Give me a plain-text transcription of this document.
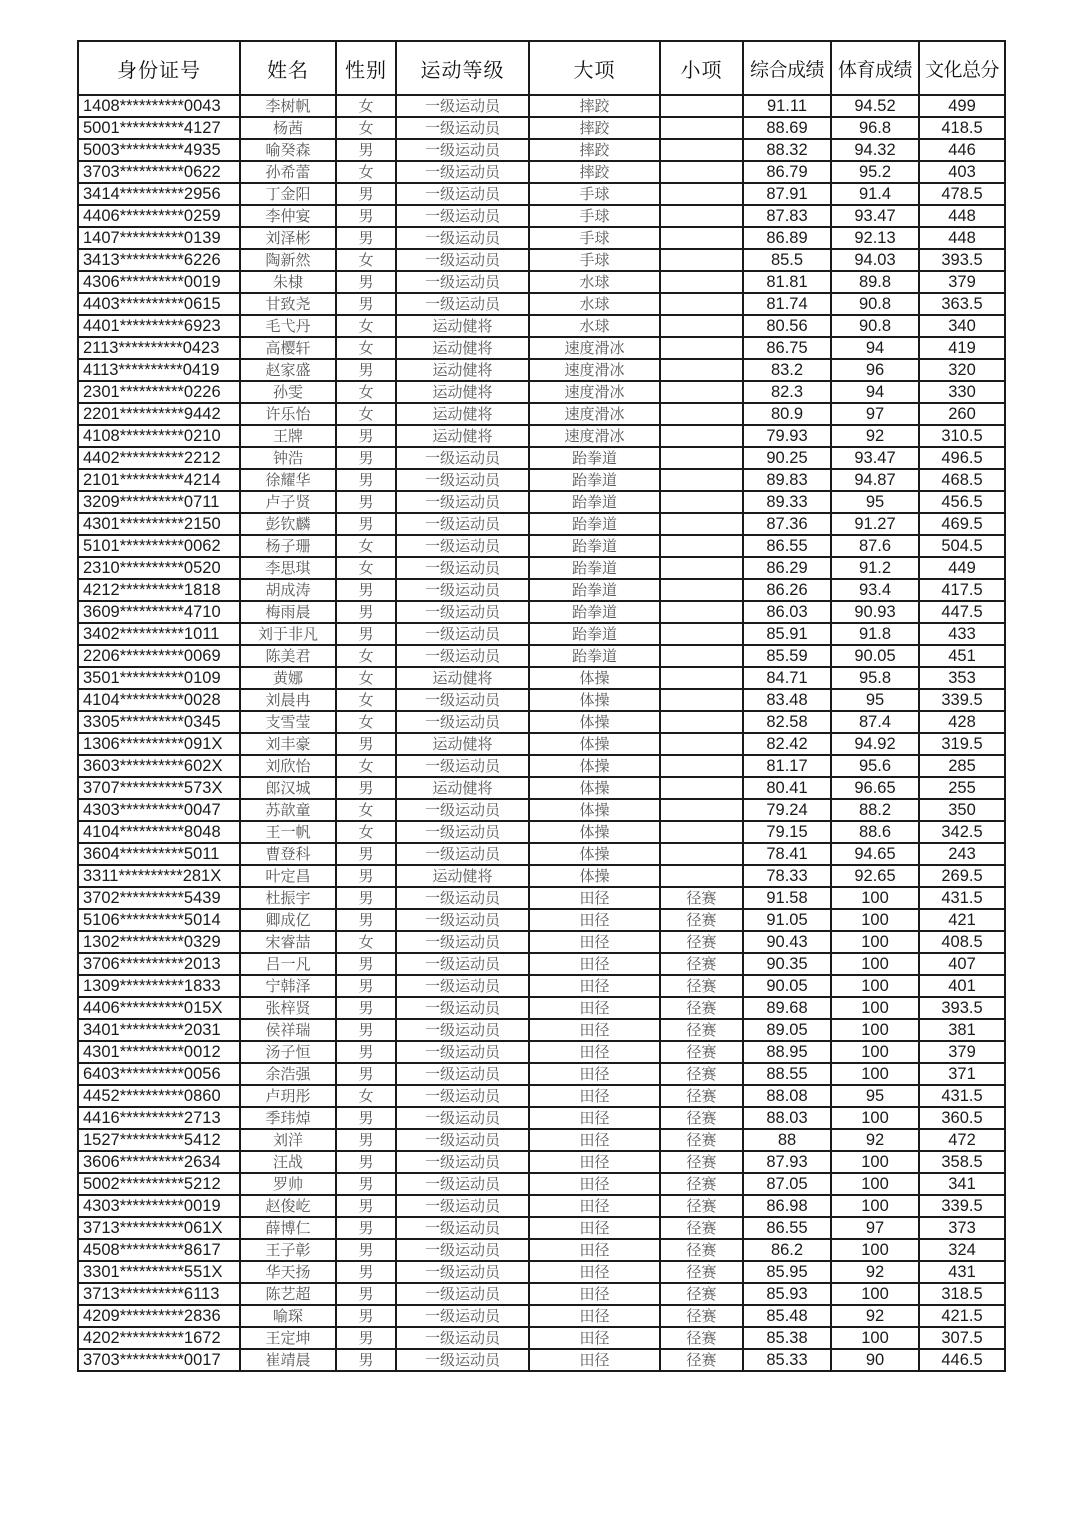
身份证号	姓名	性别	运动等级	大项	小项	综合成绩	体育成绩	文化总分
1408**********0043	李树帆	女	一级运动员	摔跤		91.11	94.52	499
5001**********4127	杨茜	女	一级运动员	摔跤		88.69	96.8	418.5
5003**********4935	喻癸森	男	一级运动员	摔跤		88.32	94.32	446
3703**********0622	孙希蕾	女	一级运动员	摔跤		86.79	95.2	403
3414**********2956	丁金阳	男	一级运动员	手球		87.91	91.4	478.5
4406**********0259	李仲宴	男	一级运动员	手球		87.83	93.47	448
1407**********0139	刘泽彬	男	一级运动员	手球		86.89	92.13	448
3413**********6226	陶新然	女	一级运动员	手球		85.5	94.03	393.5
4306**********0019	朱棣	男	一级运动员	水球		81.81	89.8	379
4403**********0615	甘致尧	男	一级运动员	水球		81.74	90.8	363.5
4401**********6923	毛弋丹	女	运动健将	水球		80.56	90.8	340
2113**********0423	高樱轩	女	运动健将	速度滑冰		86.75	94	419
4113**********0419	赵家盛	男	运动健将	速度滑冰		83.2	96	320
2301**********0226	孙雯	女	运动健将	速度滑冰		82.3	94	330
2201**********9442	许乐怡	女	运动健将	速度滑冰		80.9	97	260
4108**********0210	王牌	男	运动健将	速度滑冰		79.93	92	310.5
4402**********2212	钟浩	男	一级运动员	跆拳道		90.25	93.47	496.5
2101**********4214	徐耀华	男	一级运动员	跆拳道		89.83	94.87	468.5
3209**********0711	卢子贤	男	一级运动员	跆拳道		89.33	95	456.5
4301**********2150	彭钦麟	男	一级运动员	跆拳道		87.36	91.27	469.5
5101**********0062	杨子珊	女	一级运动员	跆拳道		86.55	87.6	504.5
2310**********0520	李思琪	女	一级运动员	跆拳道		86.29	91.2	449
4212**********1818	胡成涛	男	一级运动员	跆拳道		86.26	93.4	417.5
3609**********4710	梅雨晨	男	一级运动员	跆拳道		86.03	90.93	447.5
3402**********1011	刘于非凡	男	一级运动员	跆拳道		85.91	91.8	433
2206**********0069	陈美君	女	一级运动员	跆拳道		85.59	90.05	451
3501**********0109	黄娜	女	运动健将	体操		84.71	95.8	353
4104**********0028	刘晨冉	女	一级运动员	体操		83.48	95	339.5
3305**********0345	支雪莹	女	一级运动员	体操		82.58	87.4	428
1306**********091X	刘丰豪	男	运动健将	体操		82.42	94.92	319.5
3603**********602X	刘欣怡	女	一级运动员	体操		81.17	95.6	285
3707**********573X	郎汉城	男	运动健将	体操		80.41	96.65	255
4303**********0047	苏歆童	女	一级运动员	体操		79.24	88.2	350
4104**********8048	王一帆	女	一级运动员	体操		79.15	88.6	342.5
3604**********5011	曹登科	男	一级运动员	体操		78.41	94.65	243
3311**********281X	叶定昌	男	运动健将	体操		78.33	92.65	269.5
3702**********5439	杜振宇	男	一级运动员	田径	径赛	91.58	100	431.5
5106**********5014	卿成亿	男	一级运动员	田径	径赛	91.05	100	421
1302**********0329	宋睿喆	女	一级运动员	田径	径赛	90.43	100	408.5
3706**********2013	吕一凡	男	一级运动员	田径	径赛	90.35	100	407
1309**********1833	宁韩泽	男	一级运动员	田径	径赛	90.05	100	401
4406**********015X	张梓贤	男	一级运动员	田径	径赛	89.68	100	393.5
3401**********2031	侯祥瑞	男	一级运动员	田径	径赛	89.05	100	381
4301**********0012	汤子恒	男	一级运动员	田径	径赛	88.95	100	379
6403**********0056	余浩强	男	一级运动员	田径	径赛	88.55	100	371
4452**********0860	卢玥彤	女	一级运动员	田径	径赛	88.08	95	431.5
4416**********2713	季玮焯	男	一级运动员	田径	径赛	88.03	100	360.5
1527**********5412	刘洋	男	一级运动员	田径	径赛	88	92	472
3606**********2634	汪战	男	一级运动员	田径	径赛	87.93	100	358.5
5002**********5212	罗帅	男	一级运动员	田径	径赛	87.05	100	341
4303**********0019	赵俊屹	男	一级运动员	田径	径赛	86.98	100	339.5
3713**********061X	薛博仁	男	一级运动员	田径	径赛	86.55	97	373
4508**********8617	王子彰	男	一级运动员	田径	径赛	86.2	100	324
3301**********551X	华天扬	男	一级运动员	田径	径赛	85.95	92	431
3713**********6113	陈艺超	男	一级运动员	田径	径赛	85.93	100	318.5
4209**********2836	喻琛	男	一级运动员	田径	径赛	85.48	92	421.5
4202**********1672	王定坤	男	一级运动员	田径	径赛	85.38	100	307.5
3703**********0017	崔靖晨	男	一级运动员	田径	径赛	85.33	90	446.5
